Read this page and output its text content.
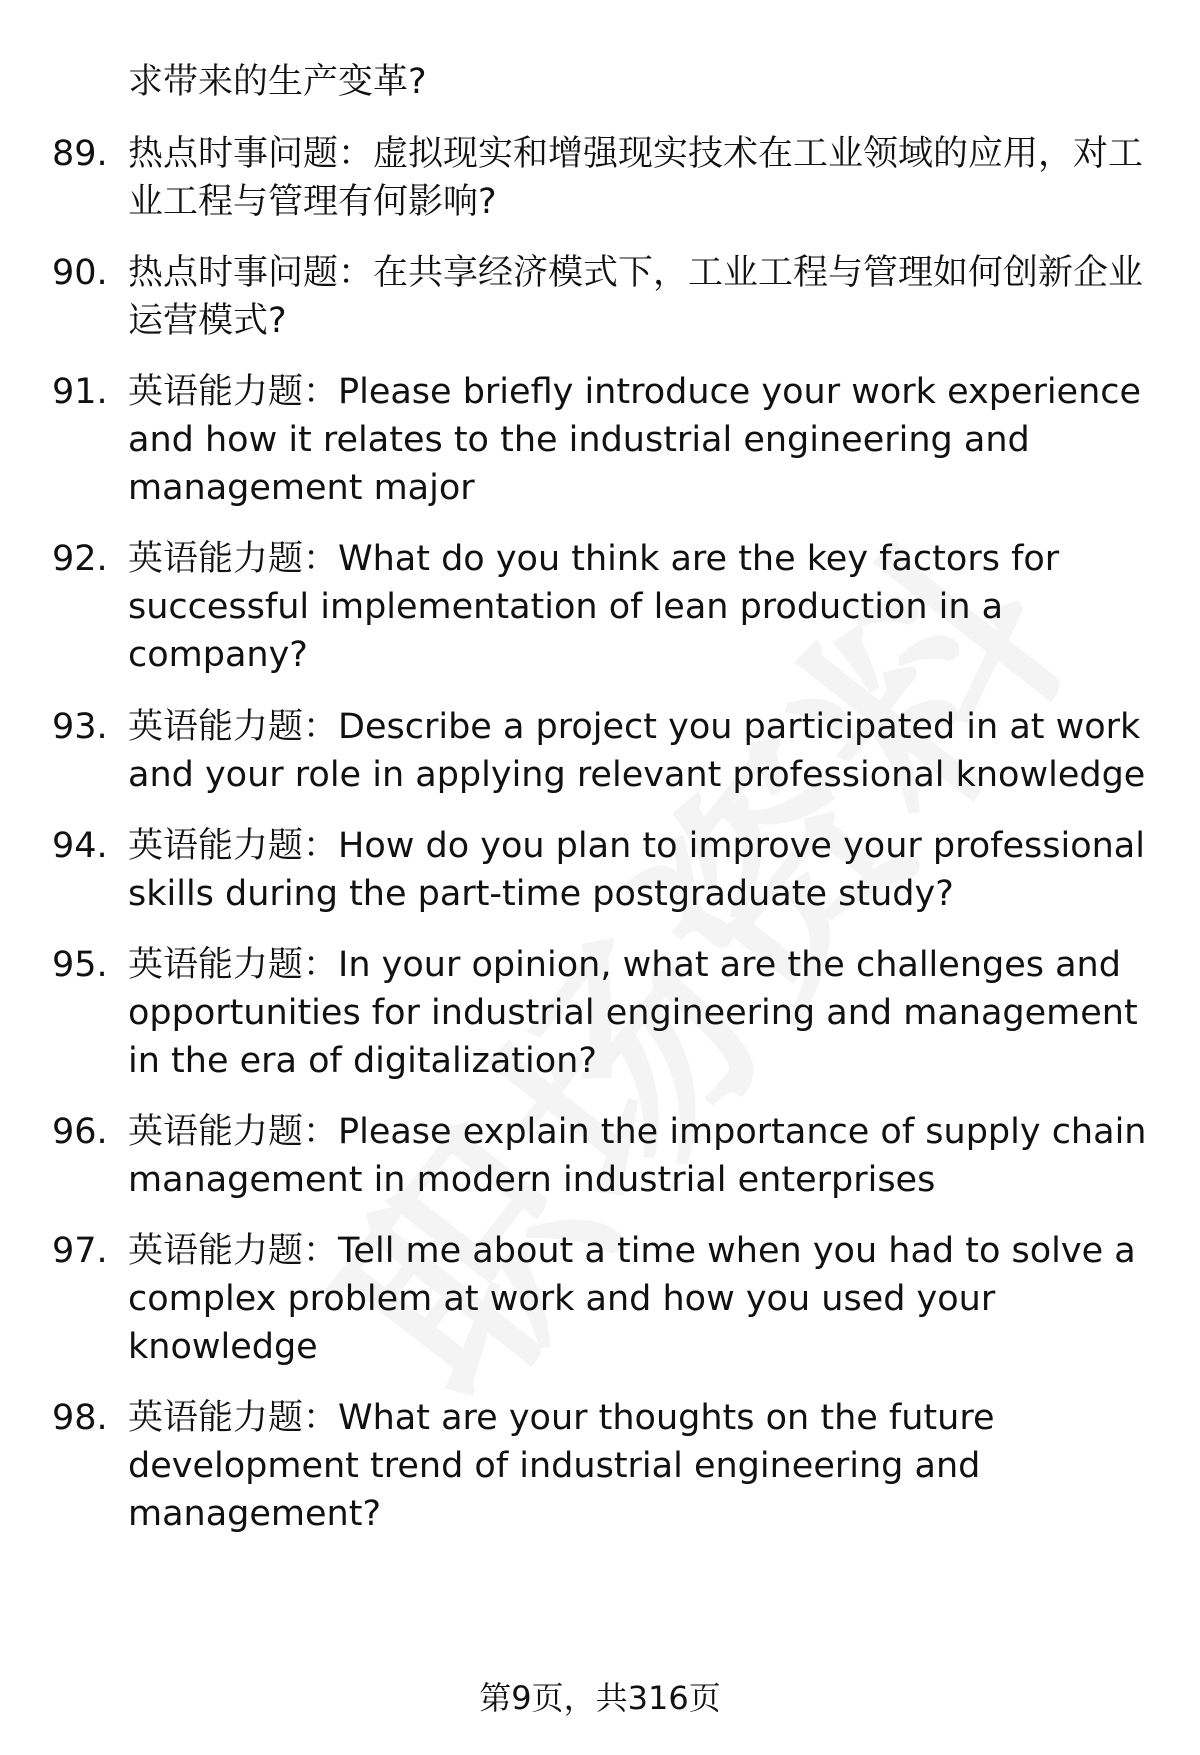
求带来的生产变革?
89. 热点时事问题：虚拟现实和增强现实技术在工业领域的应用，对工业工程与管理有何影响?
90. 热点时事问题：在共享经济模式下，工业工程与管理如何创新企业运营模式?
91. 英语能力题：Please briefly introduce your work experience and how it relates to the industrial engineering and management major
92. 英语能力题：What do you think are the key factors for successful implementation of lean production in a company?
93. 英语能力题：Describe a project you participated in at work and your role in applying relevant professional knowledge
94. 英语能力题：How do you plan to improve your professional skills during the part-time postgraduate study?
95. 英语能力题：In your opinion, what are the challenges and opportunities for industrial engineering and management in the era of digitalization?
96. 英语能力题：Please explain the importance of supply chain management in modern industrial enterprises
97. 英语能力题：Tell me about a time when you had to solve a complex problem at work and how you used your knowledge
98. 英语能力题：What are your thoughts on the future development trend of industrial engineering and management?
第9页，共316页
